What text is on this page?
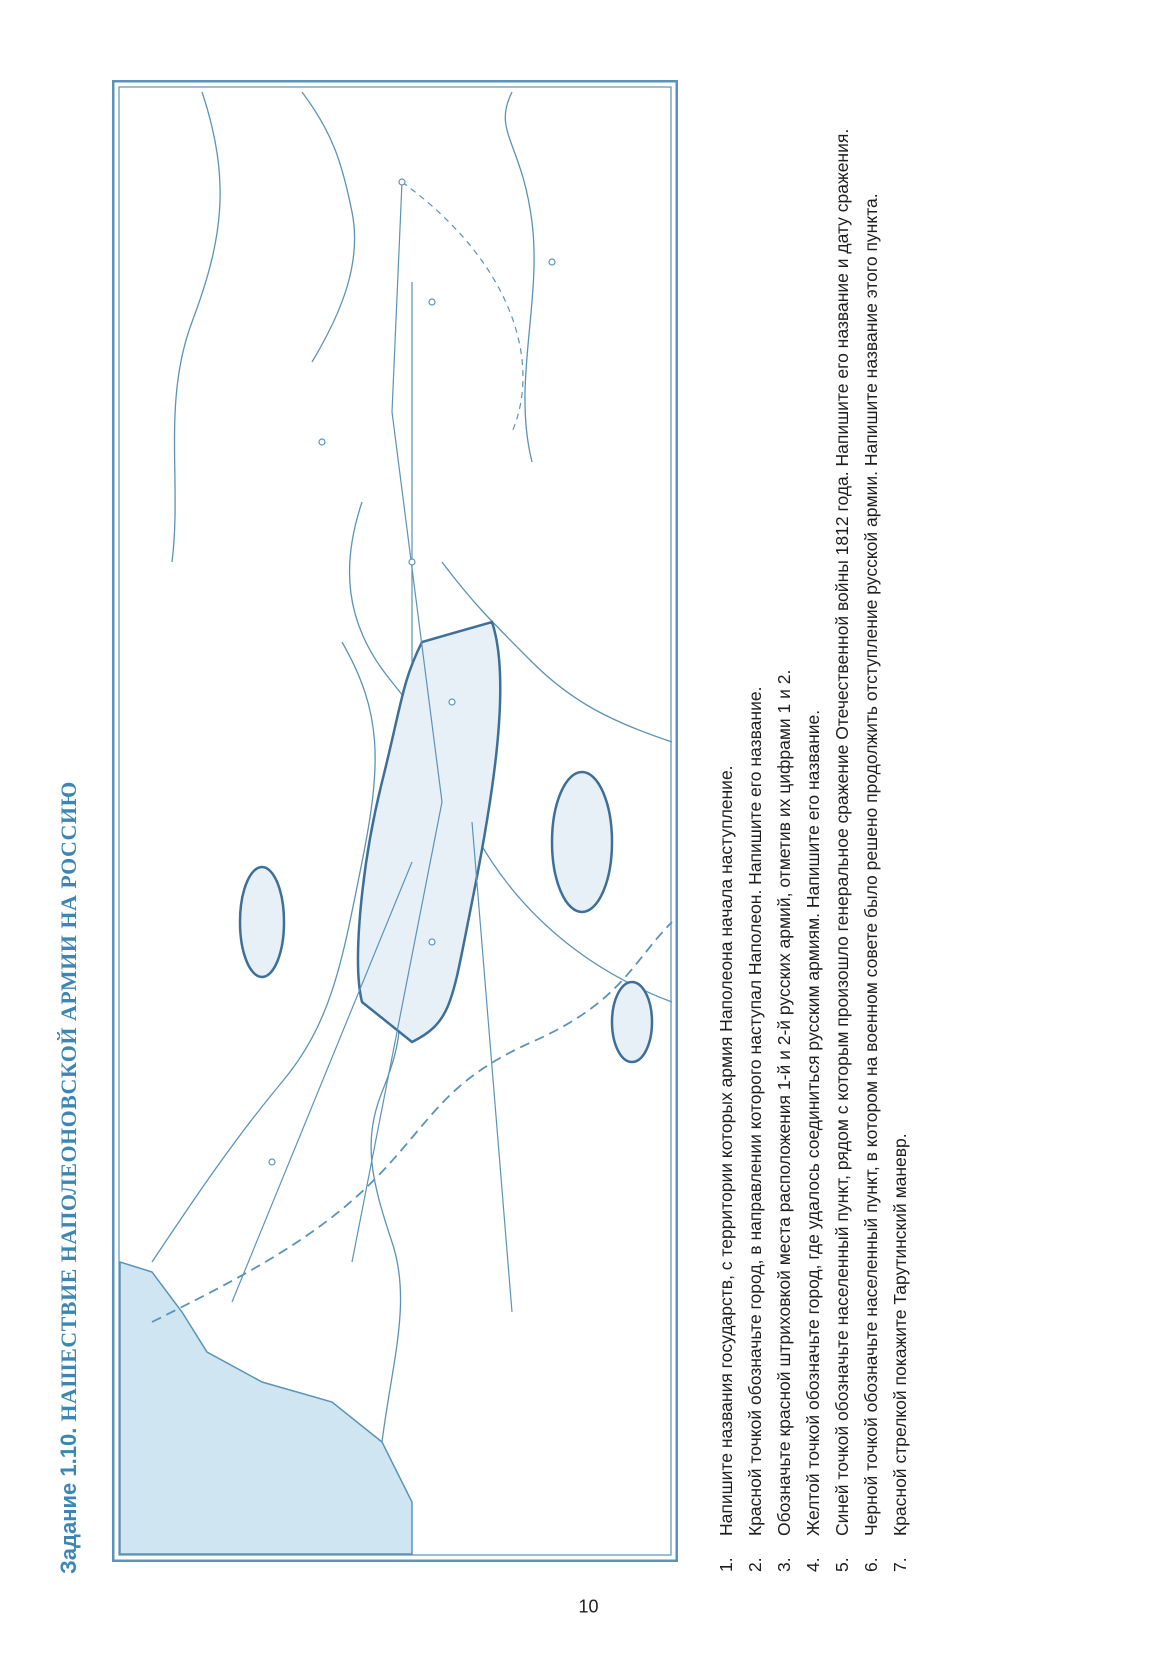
Задание 1.10. НАШЕСТВИЕ НАПОЛЕОНОВСКОЙ АРМИИ НА РОССИЮ
10
1.
Напишите названия государств, с территории которых армия Наполеона начала наступление.
2.
Красной точкой обозначьте город, в направлении которого наступал Наполеон. Напишите его название.
3.
Обозначьте красной штриховкой места расположения 1-й и 2-й русских армий, отметив их цифрами 1 и 2.
4.
Желтой точкой обозначьте город, где удалось соединиться русским армиям. Напишите его название.
5.
Синей точкой обозначьте населенный пункт, рядом с которым произошло генеральное сражение Отечественной войны 1812 года. Напишите его название и дату сражения.
6.
Черной точкой обозначьте населенный пункт, в котором на военном совете было решено продолжить отступление русской армии. Напишите название этого пункта.
7.
Красной стрелкой покажите Тарутинский маневр.
